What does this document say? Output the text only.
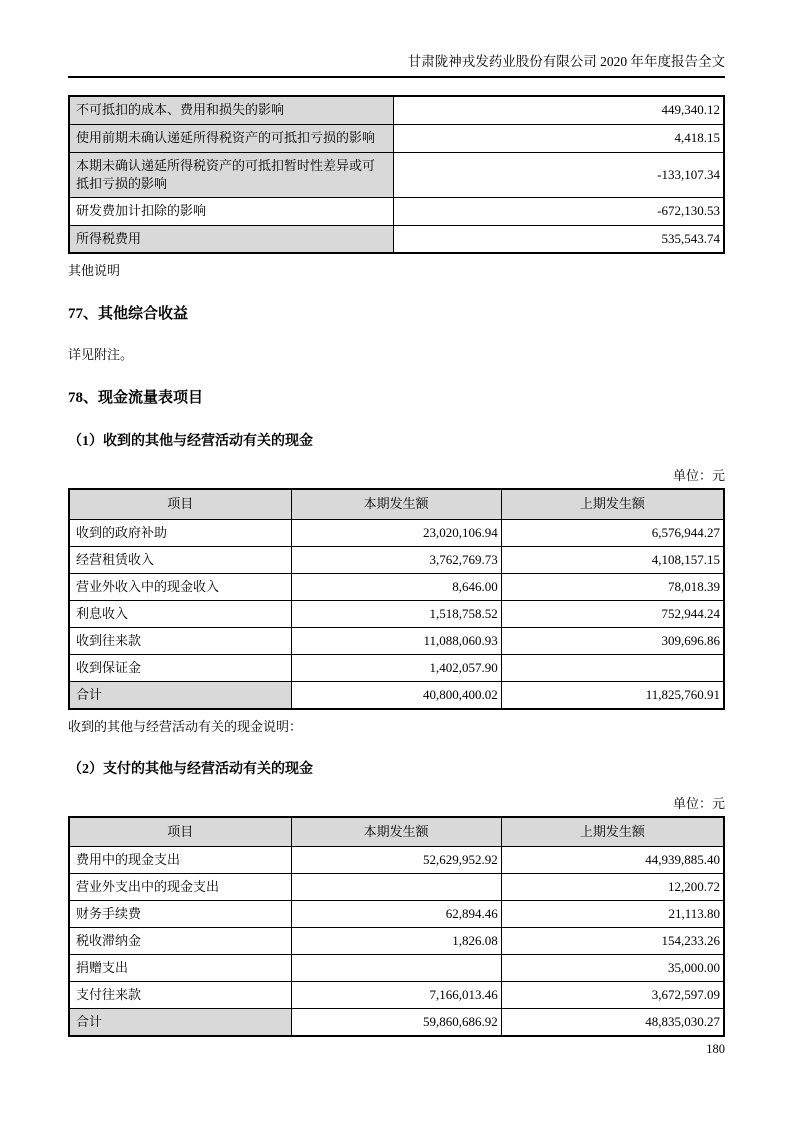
甘肃陇神戎发药业股份有限公司 2020 年年度报告全文
不可抵扣的成本、费用和损失的影响	449,340.12
使用前期未确认递延所得税资产的可抵扣亏损的影响	4,418.15
本期未确认递延所得税资产的可抵扣暂时性差异或可抵扣亏损的影响	-133,107.34
研发费加计扣除的影响	-672,130.53
所得税费用	535,543.74
其他说明
77、其他综合收益
详见附注。
78、现金流量表项目
（1）收到的其他与经营活动有关的现金
单位：元
项目	本期发生额	上期发生额
收到的政府补助	23,020,106.94	6,576,944.27
经营租赁收入	3,762,769.73	4,108,157.15
营业外收入中的现金收入	8,646.00	78,018.39
利息收入	1,518,758.52	752,944.24
收到往来款	11,088,060.93	309,696.86
收到保证金	1,402,057.90	
合计	40,800,400.02	11,825,760.91
收到的其他与经营活动有关的现金说明：
（2）支付的其他与经营活动有关的现金
单位：元
项目	本期发生额	上期发生额
费用中的现金支出	52,629,952.92	44,939,885.40
营业外支出中的现金支出		12,200.72
财务手续费	62,894.46	21,113.80
税收滞纳金	1,826.08	154,233.26
捐赠支出		35,000.00
支付往来款	7,166,013.46	3,672,597.09
合计	59,860,686.92	48,835,030.27
180
